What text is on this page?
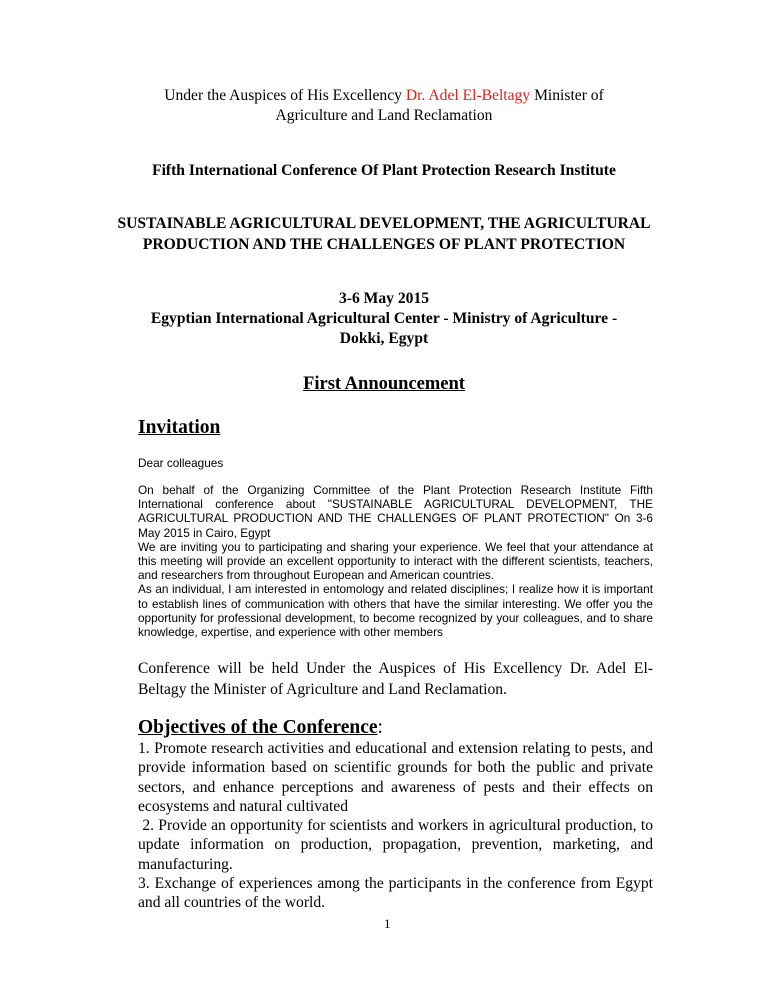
Under the Auspices of His Excellency Dr. Adel El-Beltagy Minister of Agriculture and Land Reclamation
Fifth International Conference Of Plant Protection Research Institute
SUSTAINABLE AGRICULTURAL DEVELOPMENT, THE AGRICULTURAL PRODUCTION AND THE CHALLENGES OF PLANT PROTECTION
3-6 May 2015
Egyptian International Agricultural Center - Ministry of Agriculture - Dokki, Egypt
First Announcement
Invitation
Dear colleagues

On behalf of the Organizing Committee of the Plant Protection Research Institute Fifth International conference about "SUSTAINABLE AGRICULTURAL DEVELOPMENT, THE AGRICULTURAL PRODUCTION AND THE CHALLENGES OF PLANT PROTECTION" On 3-6 May 2015 in Cairo, Egypt

We are inviting you to participating and sharing your experience. We feel that your attendance at this meeting will provide an excellent opportunity to interact with the different scientists, teachers, and researchers from throughout European and American countries.

As an individual, I am interested in entomology and related disciplines; I realize how it is important to establish lines of communication with others that have the similar interesting. We offer you the opportunity for professional development, to become recognized by your colleagues, and to share knowledge, expertise, and experience with other members

Conference will be held Under the Auspices of His Excellency Dr. Adel El-Beltagy the Minister of Agriculture and Land Reclamation.
Objectives of the Conference:

1. Promote research activities and educational and extension relating to pests, and provide information based on scientific grounds for both the public and private sectors, and enhance perceptions and awareness of pests and their effects on ecosystems and natural cultivated

2. Provide an opportunity for scientists and workers in agricultural production, to update information on production, propagation, prevention, marketing, and manufacturing.

3. Exchange of experiences among the participants in the conference from Egypt and all countries of the world.

1
